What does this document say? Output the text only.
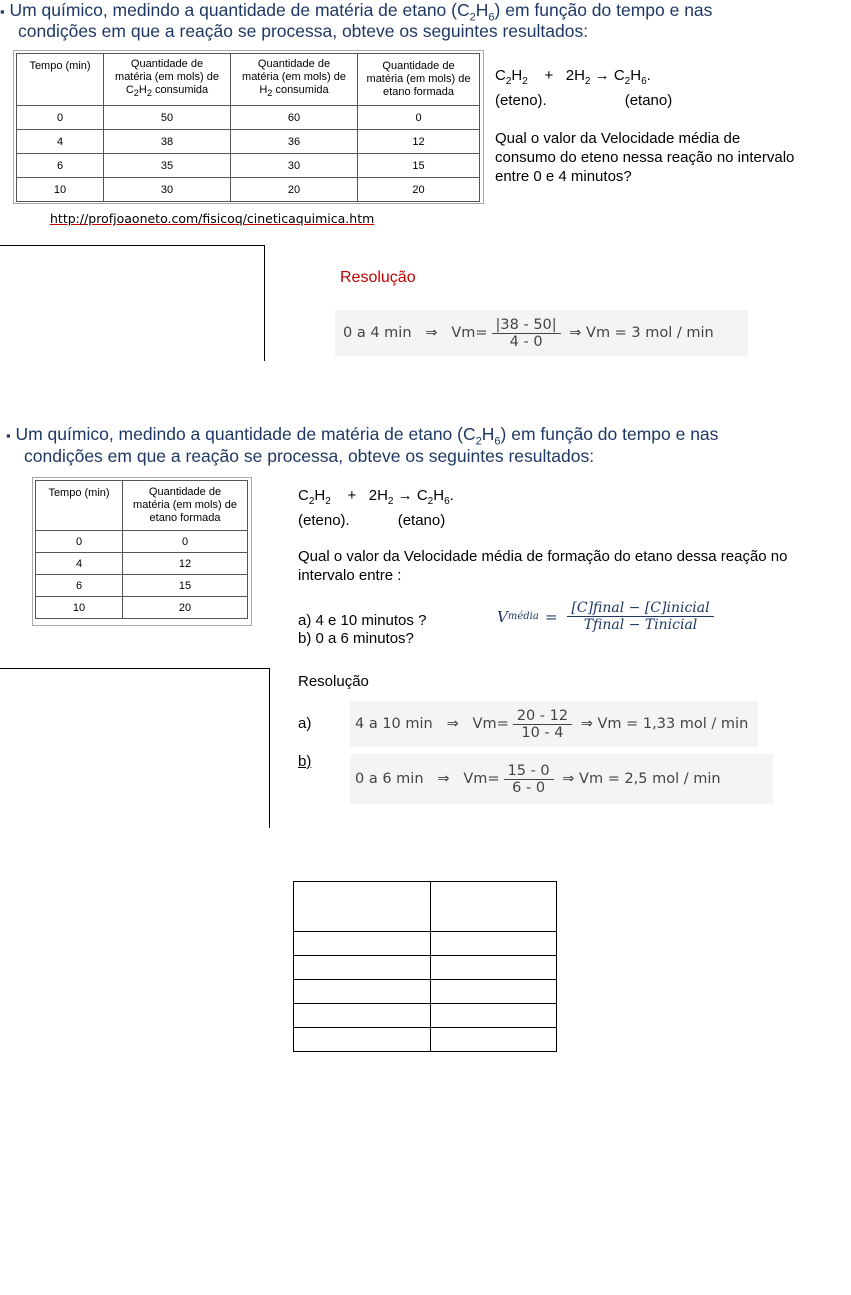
▪ Um químico, medindo a quantidade de matéria de etano $(C_2H_6)$ em função do tempo e nas
condições em que a reação se processa, obteve os seguintes resultados:
Tempo (min)	Quantidade de
matéria (em mols) de
$C_2H_2$ consumida	Quantidade de
matéria (em mols) de
$H_2$ consumida	Quantidade de
matéria (em mols) de
etano formada
0	50	60	0
4	38	36	12
6	35	30	15
10	30	20	20
$C_2H_2$    +   $2H_2 \to C_2H_6$.
(eteno).	(etano)
Qual o valor da Velocidade média de consumo do eteno nessa reação no intervalo entre 0 e 4 minutos?
http://profjoaoneto.com/fisicoq/cineticaquimica.htm
Resolução
0 a 4 min
⇒
$Vm= \frac{|38 - 50|}{4 - 0}$
⇒ Vm = 3 mol / min
▪ Um químico, medindo a quantidade de matéria de etano $(C_2H_6)$ em função do tempo e nas
condições em que a reação se processa, obteve os seguintes resultados:
Tempo (min)	Quantidade de
matéria (em mols) de
etano formada
0	0
4	12
6	15
10	20
$C_2H_2$    +   $2H_2 \to C_2H_6$.
(eteno).	(etano)
Qual o valor da Velocidade média de formação do etano dessa reação no intervalo entre :
a) 4 e 10 minutos ?
b) 0 a 6 minutos?
V média = $\frac{\text{[C]final − [C]inicial}}{\text{Tfinal − Tinicial}}$
Resolução
a)	4 a 10 min
⇒
$Vm= \frac{20 - 12}{10 - 4}$
⇒ Vm = 1,33 mol / min
b)
0 a 6 min
⇒
$Vm= \frac{15 - 0}{6 - 0}$
⇒ Vm = 2,5 mol / min
